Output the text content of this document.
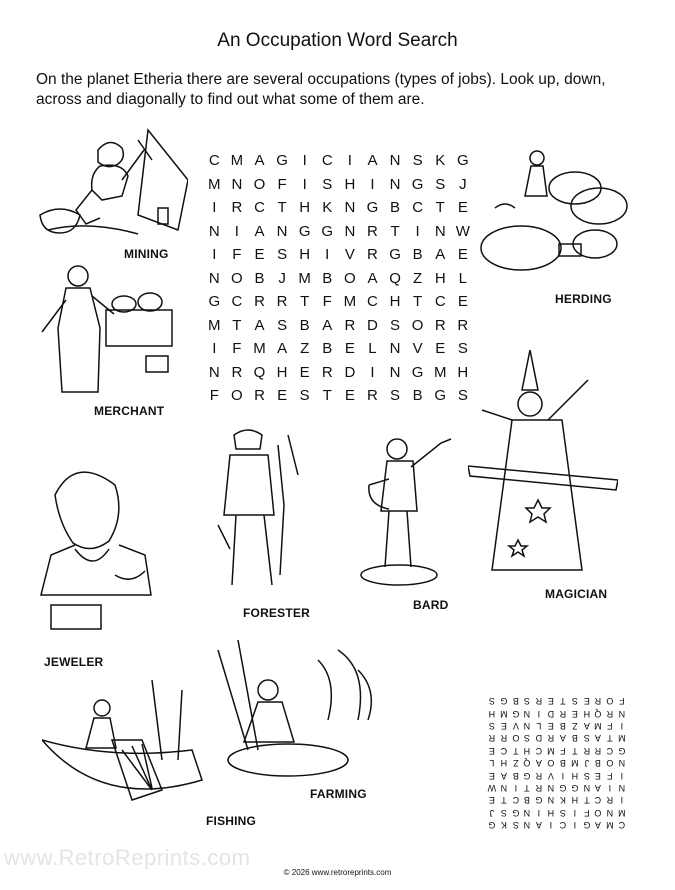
An Occupation Word Search
On the planet Etheria there are several occupations (types of jobs). Look up, down, across and diagonally to find out what some of them are.
C M A G I	C	I	A N S K G
M N O F	I	S H	I	N G S J
I	R C T H K N G B C T E
N	I	A N G G N R T	I	N W
I	F E S H	I	V R G B A E
N O B J M B O A Q Z H L
G C R R T F M C H T C E
M T A S B A R D S O R R
I	F M A Z B E L N V E S
N R Q H E R D	I	N G M H
F O R E S T E R S B G S
MINING
MERCHANT
HERDING
JEWELER
FORESTER
BARD
MAGICIAN
FARMING
FISHING
S G B S R E T S E R O F
H M G N I D R E H Q R N
S E V N L E B Z A M F I
R R O S D R A B S A T M
E C T H C M F T R R C G
L H Z Q A O B M J B O N
E A B G R V I H S E F I
W N I T R N G G N A I N
E T C B G N K H T C R I
J S G N I H S I F O N M
G K S N A I C I G A M C
www.RetroReprints.com
© 2026 www.retroreprints.com
